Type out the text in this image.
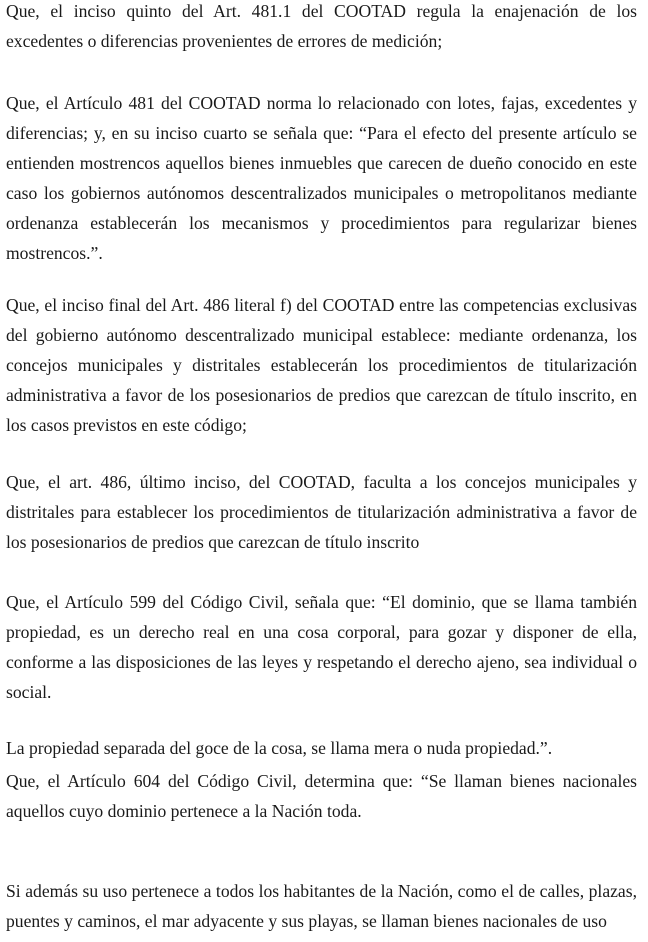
Que, el inciso quinto del Art. 481.1 del COOTAD regula la enajenación de los excedentes o diferencias provenientes de errores de medición;

Que, el Artículo 481 del COOTAD norma lo relacionado con lotes, fajas, excedentes y diferencias; y, en su inciso cuarto se señala que: “Para el efecto del presente artículo se entienden mostrencos aquellos bienes inmuebles que carecen de dueño conocido en este caso los gobiernos autónomos descentralizados municipales o metropolitanos mediante ordenanza establecerán los mecanismos y procedimientos para regularizar bienes mostrencos.”.

Que, el inciso final del Art. 486 literal f) del COOTAD entre las competencias exclusivas del gobierno autónomo descentralizado municipal establece: mediante ordenanza, los concejos municipales y distritales establecerán los procedimientos de titularización administrativa a favor de los posesionarios de predios que carezcan de título inscrito, en los casos previstos en este código;

Que, el art. 486, último inciso, del COOTAD, faculta a los concejos municipales y distritales para establecer los procedimientos de titularización administrativa a favor de los posesionarios de predios que carezcan de título inscrito

Que, el Artículo 599 del Código Civil, señala que: “El dominio, que se llama también propiedad, es un derecho real en una cosa corporal, para gozar y disponer de ella, conforme a las disposiciones de las leyes y respetando el derecho ajeno, sea individual o social.

La propiedad separada del goce de la cosa, se llama mera o nuda propiedad.”.

Que, el Artículo 604 del Código Civil, determina que: “Se llaman bienes nacionales aquellos cuyo dominio pertenece a la Nación toda.

Si además su uso pertenece a todos los habitantes de la Nación, como el de calles, plazas, puentes y caminos, el mar adyacente y sus playas, se llaman bienes nacionales de uso
